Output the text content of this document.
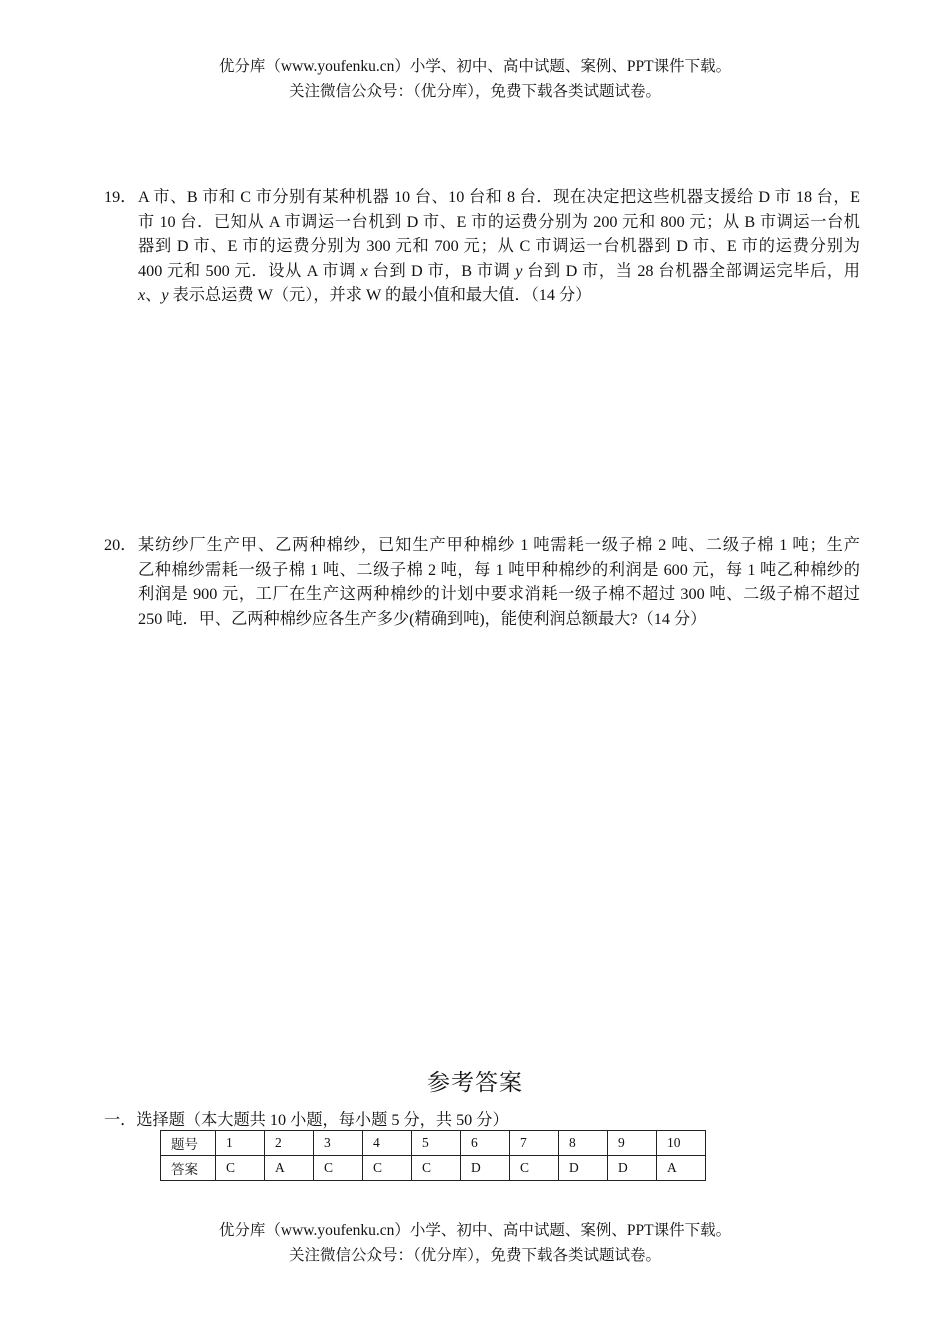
优分库（www.youfenku.cn）小学、初中、高中试题、案例、PPT课件下载。
关注微信公众号：（优分库），免费下载各类试题试卷。
19． A 市、B 市和 C 市分别有某种机器 10 台、10 台和 8 台．现在决定把这些机器支援给 D 市 18 台，E
市 10 台．已知从 A 市调运一台机到 D 市、E 市的运费分别为 200 元和 800 元；从 B 市调运一台机
器到 D 市、E 市的运费分别为 300 元和 700 元；从 C 市调运一台机器到 D 市、E 市的运费分别为
400 元和 500 元．设从 A 市调 x 台到 D 市，B 市调 y 台到 D 市，当 28 台机器全部调运完毕后，用
x、y 表示总运费 W（元），并求 W 的最小值和最大值．（14 分）
20． 某纺纱厂生产甲、乙两种棉纱，已知生产甲种棉纱 1 吨需耗一级子棉 2 吨、二级子棉 1 吨；生产
乙种棉纱需耗一级子棉 1 吨、二级子棉 2 吨，每 1 吨甲种棉纱的利润是 600 元，每 1 吨乙种棉纱的
利润是 900 元，工厂在生产这两种棉纱的计划中要求消耗一级子棉不超过 300 吨、二级子棉不超过
250 吨．甲、乙两种棉纱应各生产多少(精确到吨)，能使利润总额最大?（14 分）
参考答案
一．选择题（本大题共 10 小题，每小题 5 分，共 50 分）
题号	1	2	3	4	5	6	7	8	9	10
答案	C	A	C	C	C	D	C	D	D	A
优分库（www.youfenku.cn）小学、初中、高中试题、案例、PPT课件下载。
关注微信公众号：（优分库），免费下载各类试题试卷。
